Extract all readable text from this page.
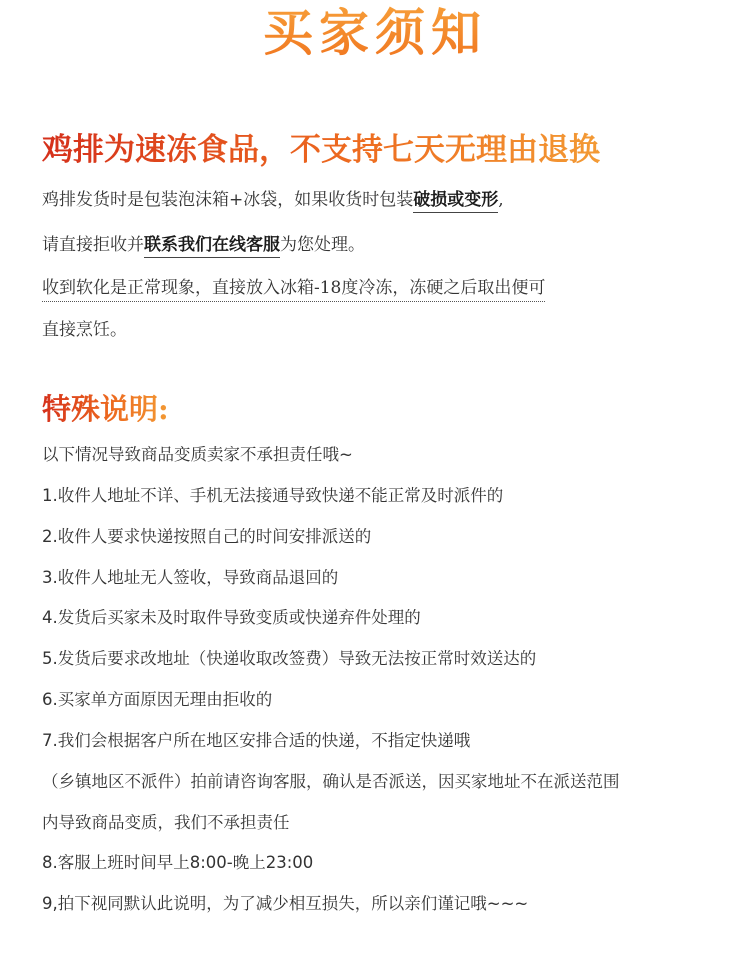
买家须知
鸡排为速冻食品，不支持七天无理由退换
鸡排发货时是包装泡沫箱+冰袋，如果收货时包装破损或变形,
请直接拒收并联系我们在线客服为您处理。
收到软化是正常现象，直接放入冰箱-18度冷冻，冻硬之后取出便可
直接烹饪。
特殊说明:
以下情况导致商品变质卖家不承担责任哦~
1.收件人地址不详、手机无法接通导致快递不能正常及时派件的
2.收件人要求快递按照自己的时间安排派送的
3.收件人地址无人签收，导致商品退回的
4.发货后买家未及时取件导致变质或快递弃件处理的
5.发货后要求改地址（快递收取改签费）导致无法按正常时效送达的
6.买家单方面原因无理由拒收的
7.我们会根据客户所在地区安排合适的快递，不指定快递哦
（乡镇地区不派件）拍前请咨询客服，确认是否派送，因买家地址不在派送范围
内导致商品变质，我们不承担责任
8.客服上班时间早上8:00-晚上23:00
9,拍下视同默认此说明，为了减少相互损失，所以亲们谨记哦~~~
